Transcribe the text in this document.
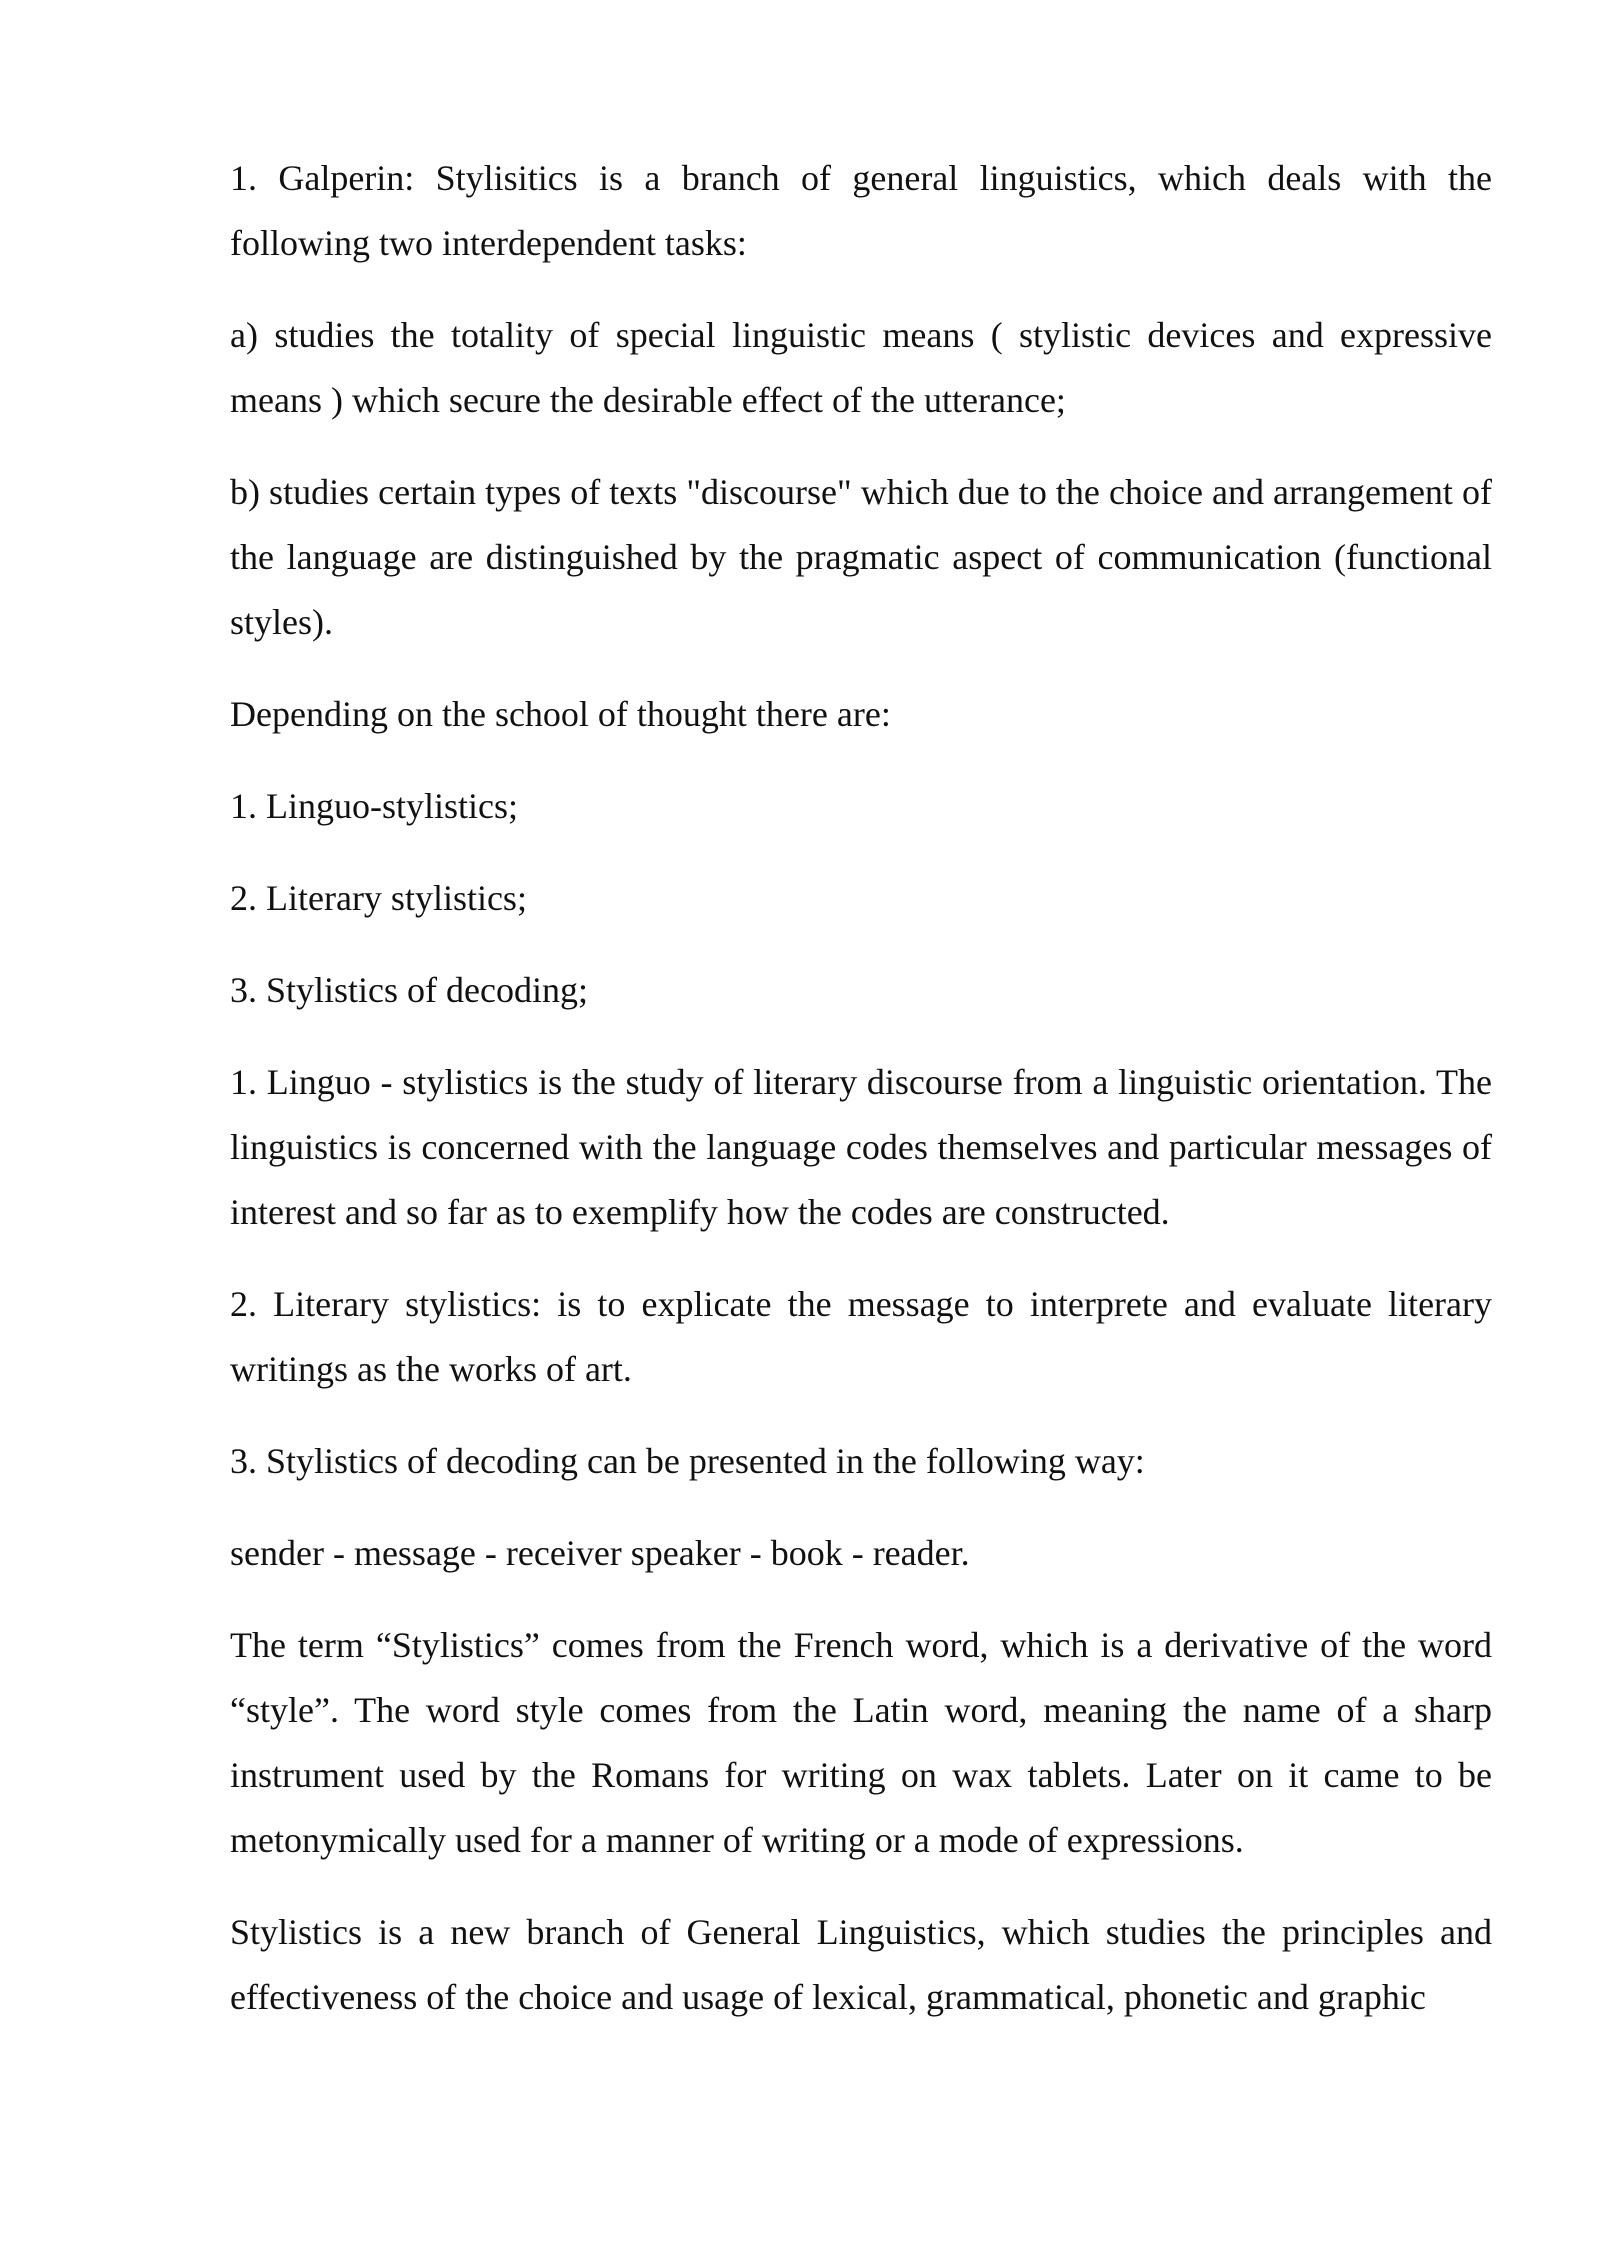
1. Galperin: Stylisitics is a branch of general linguistics, which deals with the following two interdependent tasks:

a) studies the totality of special linguistic means ( stylistic devices and expressive means ) which secure the desirable effect of the utterance;

b) studies certain types of texts "discourse" which due to the choice and arrangement of the language are distinguished by the pragmatic aspect of communication (functional styles).

Depending on the school of thought there are:

1. Linguo-stylistics;

2. Literary stylistics;

3. Stylistics of decoding;

1. Linguo - stylistics is the study of literary discourse from a linguistic orientation. The linguistics is concerned with the language codes themselves and particular messages of interest and so far as to exemplify how the codes are constructed.

2. Literary stylistics: is to explicate the message to interprete and evaluate literary writings as the works of art.

3. Stylistics of decoding can be presented in the following way:

sender - message - receiver speaker - book - reader.

The term “Stylistics” comes from the French word, which is a derivative of the word “style”. The word style comes from the Latin word, meaning the name of a sharp instrument used by the Romans for writing on wax tablets. Later on it came to be metonymically used for a manner of writing or a mode of expressions.

Stylistics is a new branch of General Linguistics, which studies the principles and effectiveness of the choice and usage of lexical, grammatical, phonetic and graphic
